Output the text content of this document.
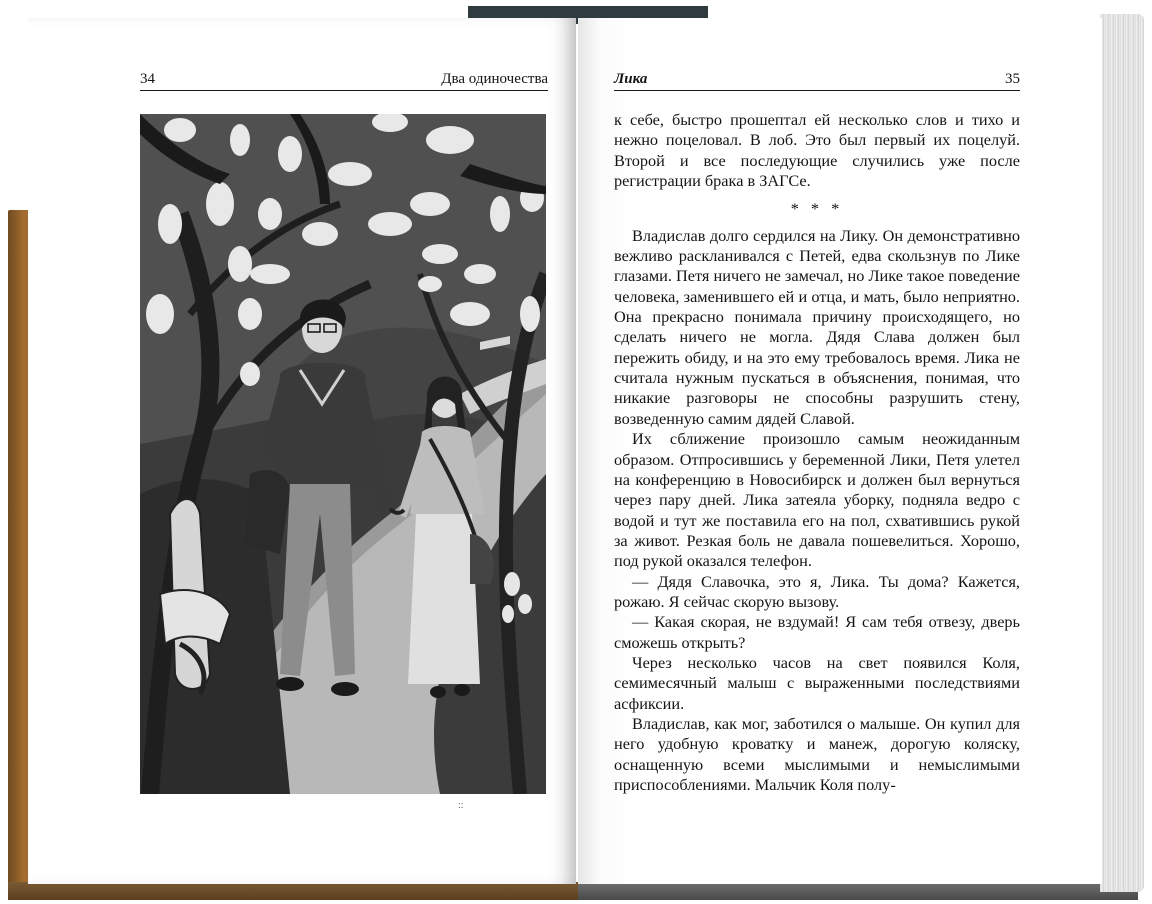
34	Два одиночества	Лика	35
::

к себе, быстро прошептал ей несколько слов и тихо и нежно поцеловал. В лоб. Это был первый их поцелуй. Второй и все последующие случились уже после регистрации брака в ЗАГСе.

* * *

Владислав долго сердился на Лику. Он демонстративно вежливо раскланивался с Петей, едва скользнув по Лике глазами. Петя ничего не замечал, но Лике такое поведение человека, заменившего ей и отца, и мать, было неприятно. Она прекрасно понимала причину происходящего, но сделать ничего не могла. Дядя Слава должен был пережить обиду, и на это ему требовалось время. Лика не считала нужным пускаться в объяснения, понимая, что никакие разговоры не способны разрушить стену, возведенную самим дядей Славой.

Их сближение произошло самым неожиданным образом. Отпросившись у беременной Лики, Петя улетел на конференцию в Новосибирск и должен был вернуться через пару дней. Лика затеяла уборку, подняла ведро с водой и тут же поставила его на пол, схватившись рукой за живот. Резкая боль не давала пошевелиться. Хорошо, под рукой оказался телефон.

— Дядя Славочка, это я, Лика. Ты дома? Кажется, рожаю. Я сейчас скорую вызову.

— Какая скорая, не вздумай! Я сам тебя отвезу, дверь сможешь открыть?

Через несколько часов на свет появился Коля, семимесячный малыш с выраженными последствиями асфиксии.

Владислав, как мог, заботился о малыше. Он купил для него удобную кроватку и манеж, дорогую коляску, оснащенную всеми мыслимыми и немыслимыми приспособлениями. Мальчик Коля полу-
